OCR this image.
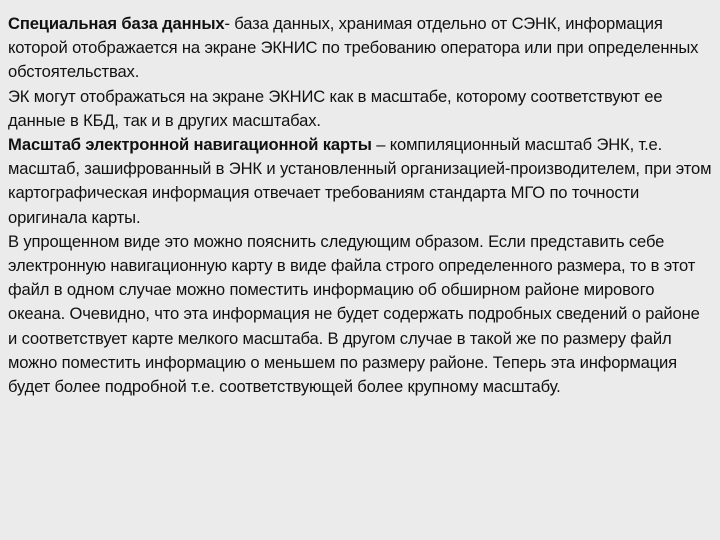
Специальная база данных- база данных, хранимая отдельно от СЭНК, информация которой отображается на экране ЭКНИС по требованию оператора или при определенных обстоятельствах.

ЭК могут отображаться на экране ЭКНИС как в масштабе, которому соответствуют ее данные в КБД, так и в других масштабах.

Масштаб электронной навигационной карты – компиляционный масштаб ЭНК, т.е. масштаб, зашифрованный в ЭНК и установленный организацией-производителем, при этом картографическая информация отвечает требованиям стандарта МГО по точности оригинала карты.

В упрощенном виде это можно пояснить следующим образом. Если представить себе электронную навигационную карту в виде файла строго определенного размера, то в этот файл в одном случае можно поместить информацию об обширном районе мирового океана. Очевидно, что эта информация не будет содержать подробных сведений о районе и соответствует карте мелкого масштаба. В другом случае в такой же по размеру файл можно поместить информацию о меньшем по размеру районе. Теперь эта информация будет более подробной т.е. соответствующей более крупному масштабу.
